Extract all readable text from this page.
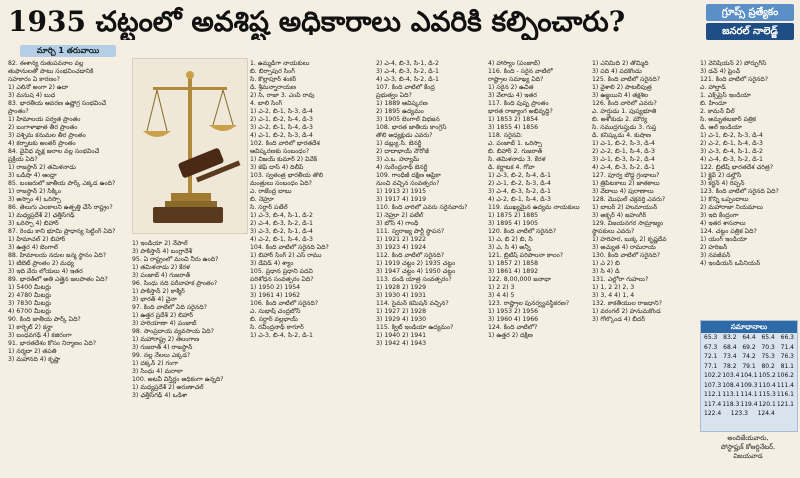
1935 చట్టంలో అవశిష్ట అధికారాలు ఎవరికి కల్పించారు?	గ్రూప్స్ ప్రత్యేకం
జనరల్ నాలెడ్జ్
మార్చి 1 తరువాయి

82. ఈశాన్య రుతుపవనాల వల్ల

తుఫానులతో పాటు సంభవించడానికి

సహకారం ఏ కారణం?

1) ఎలినో అంగా 2) ఉదా

3) మనుష 4) బుధ

83. భారతీయ ఆవరణ ఉష్ణోగ్ర సంభవించే

ప్రాంతం?

1) హిమాలయ పర్వత ప్రాంతం

2) బంగాళాఖాత తీర ప్రాంతం

3) పశ్చిమ కనుమల తీర ప్రాంతం

4) కర్నాటకు అంతర్ ప్రాంతం

84. వైవిధ వృక్ష జలాల వల్ల సంభవించే

ప్రక్రియ ఏది?

1) రాజస్థాన్ 2) తమిళనాడు

3) ఒడిషా 4) ఆంధ్రా

85. బంజరులో జాతీయ పార్క్ ఎక్కడ ఉంది?

1) రాజస్థాన్ 2) సిక్కిం

3) అస్సాం 4) ఒరిస్సా

86. తెలుగు ఎలకాలని ఉత్పత్తి చేసే రాష్ట్రం?

1) మధ్యప్రదేశ్ 2) ఛత్తీస్‌గఢ్

3) ఒరిస్సా 4) బిహార్

87. రెండు కాని భూమి ప్రాధాన్య సెట్టింగ్ ఏది?

1) హిమాచల్ 2) బిహార్

3) ఉత్తర 4) బెంగాల్

88. హిమాలయ నదుల జన్మ స్థానం ఏది?

1) టిబెట్ ప్రాంతం 2) మధ్య

3) ఇది వేరు లోయలు 4) ఇతర

89. భారత్‌లో అతి ఎత్తైన జలపాతం ఏది?

1) 5400 మీటర్లు

2) 4780 మీటర్లు

3) 7830 మీటర్లు

4) 6700 మీటర్లు

90. కింది జాతీయ పార్క్ ఏది?

1) కార్బెట్ 2) కన్హా

3) బంధవగఢ్ 4) కజిరంగా

91. భారతదేశం కోసం నిర్మాణం ఏది?

1) నర్మదా 2) తపతి

3) మహానది 4) కృష్ణా

1) ఇండియా 2) నేపాల్

3) పాకిస్తాన్ 4) బంగ్లాదేశ్

95. ఏ రాష్ట్రంలో మంచి నీరు ఉంది?

1) తమిళనాడు 2) కేరళ

3) పంజాబ్ 4) గుజరాత్

96. సింధు నది పరీవాహక ప్రాంతం?

1) పాకిస్తాన్ 2) కాశ్మీర్

3) భారత్ 4) చైనా

97. కింది వాటిలో ఏది సరైనది?

1) ఉత్తర ప్రదేశ్ 2) బిహార్

3) హరియాణా 4) పంజాబ్

98. సాంప్రదాయ వ్యవసాయ ఏది?

1) మహారాష్ట్ర 2) తెలంగాణ

3) గుజరాత్ 4) రాజస్థాన్

99. నల్ల నేలలు ఎక్కడ?

1) దక్కన్ 2) గంగా

3) సింధు 4) మరాఠా

100. అటవీ విస్తీర్ణం అధికంగా ఉన్నది?

1) మధ్యప్రదేశ్ 2) అరుణాచల్

3) ఛత్తీస్‌గఢ్ 4) ఒడిశా

1. ఉమ్మడిగా నాయకులు

బి. బిర్సాపుర సింగ్

సి. కొల్లాపూర్ శంకర్

డి. శ్రీమన్నారాయణ

2) సి, రాజా 3. ఎంపి రావు

4. బాలి సింగ్

1) ఎ-2, బి-1, సి-3, డి-4

2) ఎ-1, బి-2, సి-4, డి-3

3) ఎ-2, బి-1, సి-4, డి-3

4) ఎ-1, బి-2, సి-3, డి-4

102. కింది వారిలో భారతదేశ

ఆవిష్కరణకు సంబంధం?

1) విజయ్ కుమార్ 2) వివేక్

3) జెఫ్ దాస్ 4) దిలీప్

103. స్వతంత్ర భారతీయ తొలి

మంత్రులు సంబంధం ఏది?

ఎ. రాజేంద్ర బాబు

బి. నెహ్రూ

సి. సర్దార్ పటేల్

1) ఎ-3, బి-4, సి-1, డి-2

2) ఎ-4, బి-3, సి-2, డి-1

3) ఎ-3, బి-2, సి-1, డి-4

4) ఎ-2, బి-1, సి-4, డి-3

104. కింది వాటిలో సరైనది ఏది?

1) బిహార్ సింగ్ 2) ఎస్ రాము

3) డేవిడ్ 4) శ్యాం

105. ప్రధాన ప్రధాని పదవి

పరిశోధన సంవత్సరం ఏది?

1) 1950 2) 1954

3) 1961 4) 1962

106. కింది వాటిలో సరైనది?

ఎ. సుభాష్ చంద్రబోస్

బి. సర్దార్ వల్లభాయ్

సి. రవీంద్రనాథ్ ఠాగూర్

1) ఎ-3, బి-4, సి-2, డి-1

2) ఎ-4, బి-3, సి-1, డి-2

3) ఎ-4, బి-3, సి-2, డి-1

4) ఎ-3, బి-4, సి-2, డి-1

107. కింది వాటిలో కేంద్ర

ప్రభుత్వం ఏది?

1) 1889 ఆవిష్కరణ

2) 1895 ఉద్యమం

3) 1905 బెంగాల్ విభజన

108. భారత జాతీయ కాంగ్రెస్

తొలి అధ్యక్షుడు ఎవరు?

1) డబ్ల్యు.సి. బెనర్జీ

2) దాదాభాయ్ నౌరోజీ

3) ఎ.ఒ. హ్యూమ్

4) సురేంద్రనాథ్ బెనర్జీ

109. గాంధీజీ దక్షిణ ఆఫ్రికా

నుంచి వచ్చిన సంవత్సరం?

1) 1913 2) 1915

3) 1917 4) 1919

110. కింది వారిలో ఎవరు సరైనవారు?

1) నెహ్రూ 2) పటేల్

3) బోస్ 4) గాంధీ

111. స్వరాజ్య పార్టీ స్థాపన?

1) 1921 2) 1922

3) 1923 4) 1924

112. కింది వాటిలో సరైనది?

1) 1919 చట్టం 2) 1935 చట్టం

3) 1947 చట్టం 4) 1950 చట్టం

113. దండి యాత్ర సంవత్సరం?

1) 1928 2) 1929

3) 1930 4) 1931

114. సైమన్ కమిషన్ వచ్చిన?

1) 1927 2) 1928

3) 1929 4) 1930

115. క్విట్ ఇండియా ఉద్యమం?

1) 1940 2) 1941

3) 1942 4) 1943

4) హాస్యాం (పంజాబ్)

116. కింది - సరైన వాటిలో

రాష్ట్రాల సమాఖ్య ఏది?

1) సరైన 2) ఉచిత

3) వేలాడు 4) ఇతర

117. కింది పుష్ప ప్రాంతం

భారత రాజ్యాంగ అభివృద్ధి?

1) 1853 2) 1854

3) 1855 4) 1856

118. సరైనవి:

ఎ. పంజాబ్ 1. ఒరిస్సా

బి. బిహార్ 2. గుజరాత్

సి. తమిళనాడు 3. కేరళ

డి. కర్ణాటక 4. గోవా

1) ఎ-3, బి-2, సి-4, డి-1

2) ఎ-1, బి-2, సి-3, డి-4

3) ఎ-4, బి-3, సి-2, డి-1

4) ఎ-2, బి-1, సి-4, డి-3

119. ముఖ్యమైన ఉద్యమ నాయకులు

1) 1875 2) 1885

3) 1895 4) 1905

120. కింది వాటిలో సరైనది?

1) ఎ, బి 2) బి, సి

3) ఎ, సి 4) అన్నీ

121. బ్రిటిష్ పరిపాలనా కాలం?

1) 1857 2) 1858

3) 1861 4) 1892

122. 8,00,000 జనాభా

1) 2 2) 3

3) 4 4) 5

123. రాష్ట్రాల పునర్వ్యవస్థీకరణ?

1) 1953 2) 1956

3) 1960 4) 1966

124. కింది వాటిలో?

1) ఉత్తర 2) దక్షిణ

1) ఎనిమిది 2) తొమ్మిది

3) పది 4) పదకొండు

125. కింది వాటిలో సరైనది?

1) వైశాలి 2) పాటలీపుత్ర

3) ఉజ్జయిని 4) తక్షశిల

126. కింది వారిలో ఎవరు?

ఎ. హర్షుడు 1. పుష్యభూతి

బి. అశోకుడు 2. మౌర్య

సి. సముద్రగుప్తుడు 3. గుప్త

డి. కనిష్కుడు 4. కుషాణ

1) ఎ-1, బి-2, సి-3, డి-4

2) ఎ-2, బి-1, సి-4, డి-3

3) ఎ-1, బి-3, సి-2, డి-4

4) ఎ-4, బి-3, సి-2, డి-1

127. పూర్వ బౌద్ధ గ్రంథాలు?

1) త్రిపిటకాలు 2) జాతకాలు

3) వేదాలు 4) పురాణాలు

128. మొఘల్ చక్రవర్తి ఎవరు?

1) బాబర్ 2) హుమాయున్

3) అక్బర్ 4) జహంగీర్

129. విజయనగర సామ్రాజ్యం

స్థాపకులు ఎవరు?

1) హరిహర, బుక్క 2) కృష్ణదేవ

3) అచ్యుత 4) రామరాయ

130. కింది వాటిలో సరైనది?

1) ఎ 2) బి

3) సి 4) డి

131. ఎల్లోరా గుహలు?

1) 1, 2 2) 2, 3

3) 3, 4 4) 1, 4

132. కాకతీయుల రాజధాని?

1) వరంగల్ 2) హనుమకొండ

3) గోల్కొండ 4) బీదర్

1) వెనిషియన్ 2) పోర్చుగీస్

3) డచ్ 4) ఫ్రెంచ్

121. కింది వాటిలో సరైనది?

ఎ. హాల్తాడ్

1. ఎక్స్‌ప్రెస్ ఇండియా

బి. హిందూ

2. కామన్ వీల్

సి. అమృతబజార్ పత్రిక

డి. ఆల్ ఇండియా

1) ఎ-1, బి-2, సి-3, డి-4

2) ఎ-2, బి-1, సి-4, డి-3

3) ఎ-3, బి-4, సి-1, డి-2

4) ఎ-4, బి-3, సి-2, డి-1

122. బ్రిటిష్ భారతదేశ చరిత్ర?

1) క్లైవ్ 2) డల్హౌసీ

3) కర్జన్ 4) రిప్పన్

123. కింది వాటిలో సరైనది ఏది?

1) కొన్ని ఒప్పందాలు

2) మహారాజా నియమాలు

3) ఇది కేంద్రంగా

4) ఇతర శాసనాలు

124. చట్టం పత్రిక ఏది?

1) యంగ్ ఇండియా

2) హరిజన్

3) నవజీవన్

4) ఇండియన్ ఒపీనియన్

సమాధానాలు
65.3 83.2 64.4 65.4 66.3
67.3 68.4 69.2 70.3 71.4
72.1 73.4 74.2 75.3 76.3
77.1 78.2 79.1 80.2 81.1
102.2 103.4 104.1 105.2 106.2
107.3 108.4 109.3 110.4 111.4
112.1 113.1 114.1 115.3 116.1
117.4 118.3 119.4 120.1 121.1
122.4 123.3 124.4
అందిజేయవారు,
పోస్టాఫ్లుక్ కోఆర్డినేటర్,
విజయవాడ
